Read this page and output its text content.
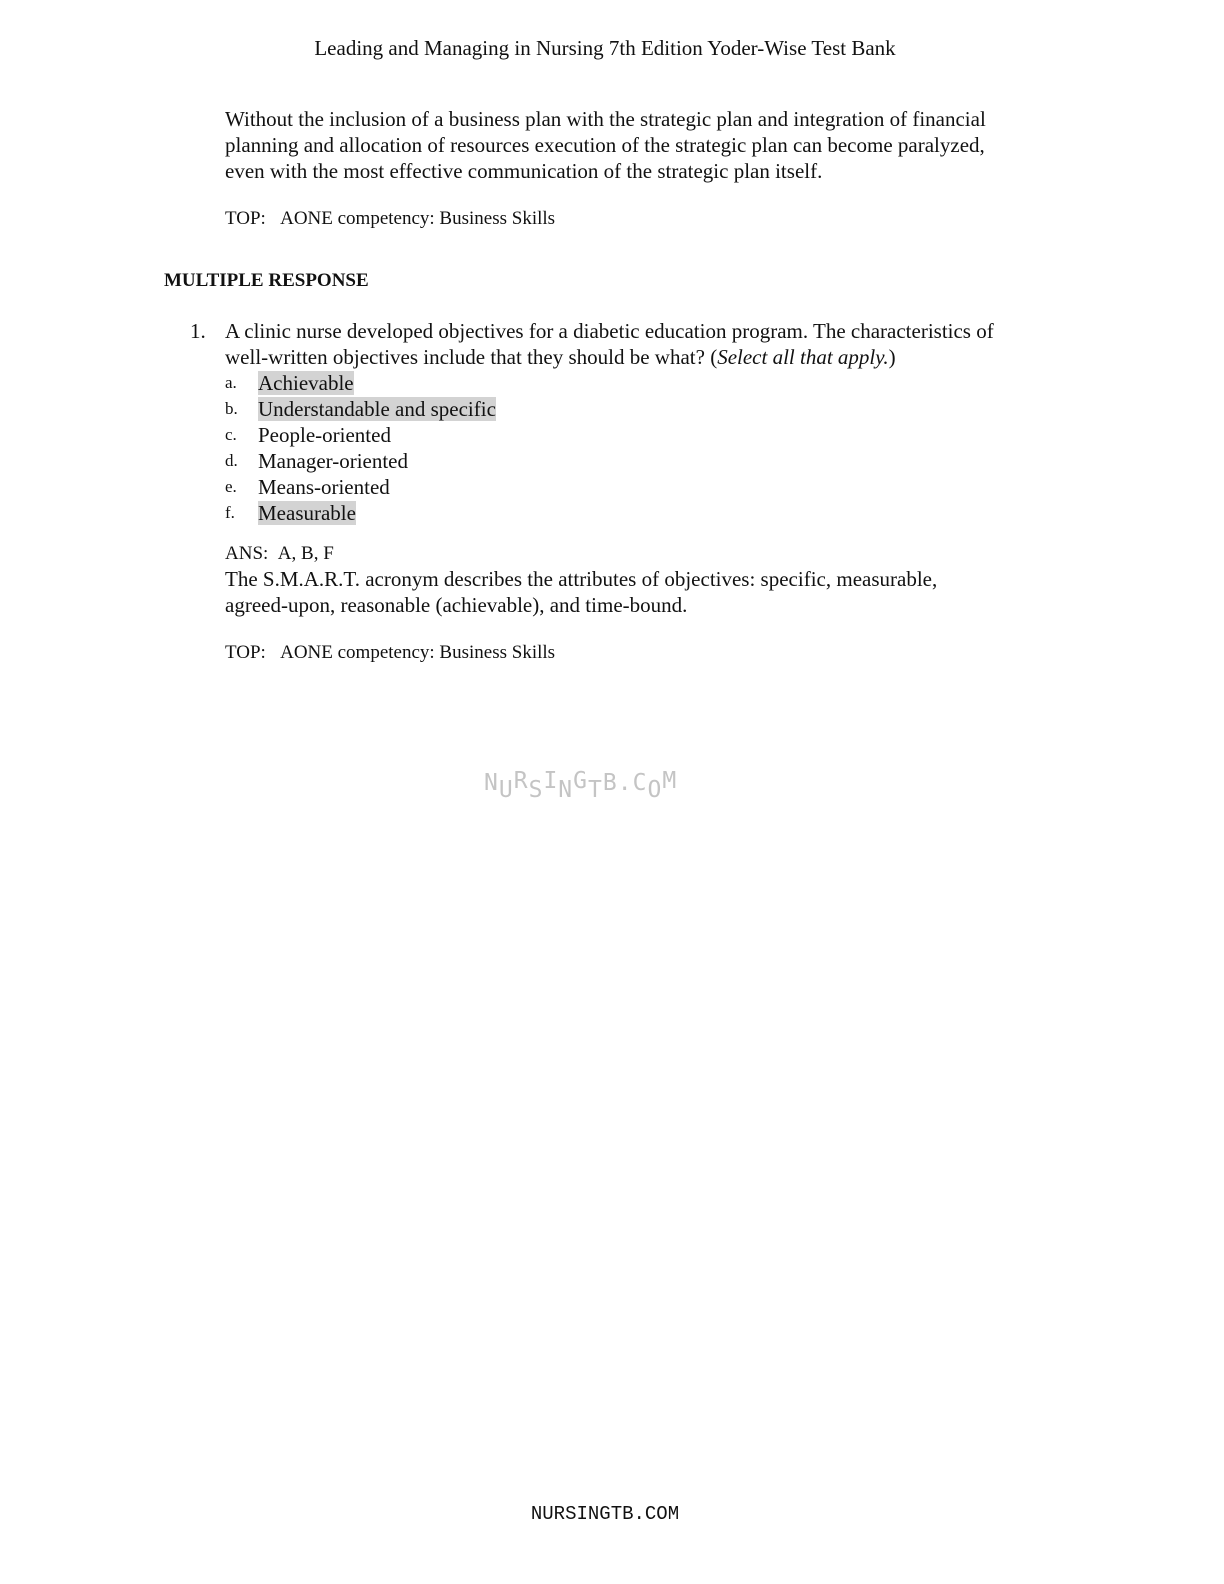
Leading and Managing in Nursing 7th Edition Yoder-Wise Test Bank
Without the inclusion of a business plan with the strategic plan and integration of financial
planning and allocation of resources execution of the strategic plan can become paralyzed,
even with the most effective communication of the strategic plan itself.
TOP: AONE competency: Business Skills
MULTIPLE RESPONSE
1. A clinic nurse developed objectives for a diabetic education program. The characteristics of
well-written objectives include that they should be what? (Select all that apply.)
a. Achievable
b. Understandable and specific
c. People-oriented
d. Manager-oriented
e. Means-oriented
f. Measurable
ANS: A, B, F
The S.M.A.R.T. acronym describes the attributes of objectives: specific, measurable,
agreed-upon, reasonable (achievable), and time-bound.
TOP: AONE competency: Business Skills
NURSINGTB.COM
NURSINGTB.COM
